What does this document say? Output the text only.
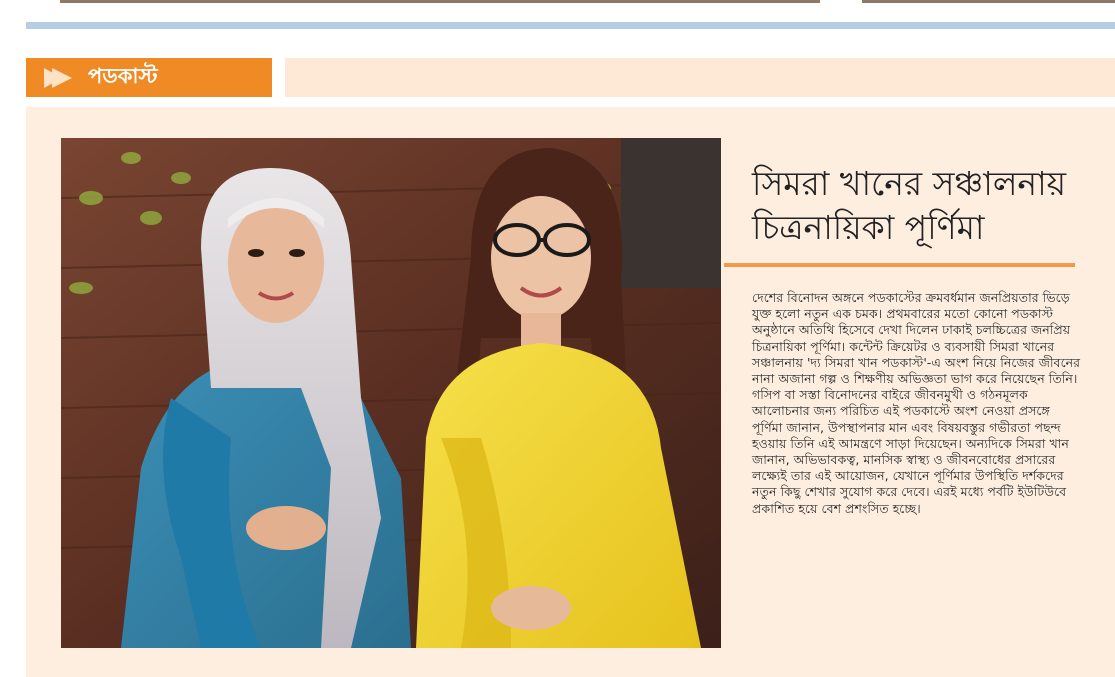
পডকাস্ট
সিমরা খানের সঞ্চালনায়
চিত্রনায়িকা পূর্ণিমা

দেশের বিনোদন অঙ্গনে পডকাস্টের ক্রমবর্ধমান জনপ্রিয়তার ভিড়ে যুক্ত হলো নতুন এক চমক। প্রথমবারের মতো কোনো পডকাস্ট অনুষ্ঠানে অতিথি হিসেবে দেখা দিলেন ঢাকাই চলচ্চিত্রের জনপ্রিয় চিত্রনায়িকা পূর্ণিমা। কন্টেন্ট ক্রিয়েটর ও ব্যবসায়ী সিমরা খানের সঞ্চালনায় 'দ্য সিমরা খান পডকাস্ট'-এ অংশ নিয়ে নিজের জীবনের নানা অজানা গল্প ও শিক্ষণীয় অভিজ্ঞতা ভাগ করে নিয়েছেন তিনি।

গসিপ বা সস্তা বিনোদনের বাইরে জীবনমুখী ও গঠনমূলক আলোচনার জন্য পরিচিত এই পডকাস্টে অংশ নেওয়া প্রসঙ্গে পূর্ণিমা জানান, উপস্থাপনার মান এবং বিষয়বস্তুর গভীরতা পছন্দ হওয়ায় তিনি এই আমন্ত্রণে সাড়া দিয়েছেন। অন্যদিকে সিমরা খান জানান, অভিভাবকত্ব, মানসিক স্বাস্থ্য ও জীবনবোধের প্রসারের লক্ষ্যেই তার এই আয়োজন, যেখানে পূর্ণিমার উপস্থিতি দর্শকদের নতুন কিছু শেখার সুযোগ করে দেবে। এরই মধ্যে পর্বটি ইউটিউবে প্রকাশিত হয়ে বেশ প্রশংসিত হচ্ছে।
